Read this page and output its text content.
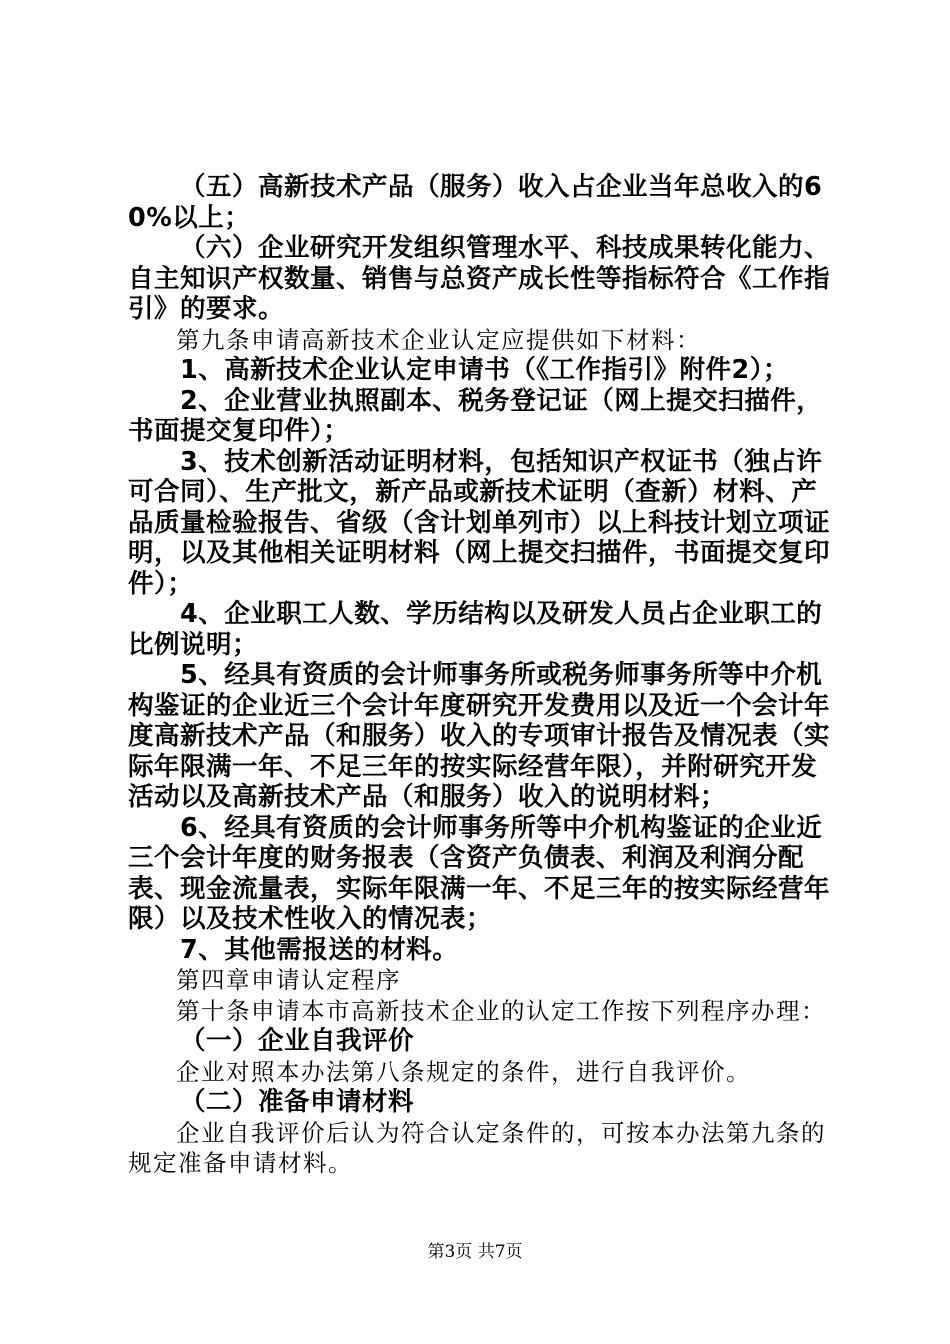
（五）高新技术产品（服务）收入占企业当年总收入的60%以上；

（六）企业研究开发组织管理水平、科技成果转化能力、自主知识产权数量、销售与总资产成长性等指标符合《工作指引》的要求。

第九条申请高新技术企业认定应提供如下材料：

1、高新技术企业认定申请书（《工作指引》附件2）；

2、企业营业执照副本、税务登记证（网上提交扫描件，书面提交复印件）；

3、技术创新活动证明材料，包括知识产权证书（独占许可合同）、生产批文，新产品或新技术证明（查新）材料、产品质量检验报告、省级（含计划单列市）以上科技计划立项证明，以及其他相关证明材料（网上提交扫描件，书面提交复印件）；

4、企业职工人数、学历结构以及研发人员占企业职工的比例说明；

5、经具有资质的会计师事务所或税务师事务所等中介机构鉴证的企业近三个会计年度研究开发费用以及近一个会计年度高新技术产品（和服务）收入的专项审计报告及情况表（实际年限满一年、不足三年的按实际经营年限），并附研究开发活动以及高新技术产品（和服务）收入的说明材料；

6、经具有资质的会计师事务所等中介机构鉴证的企业近三个会计年度的财务报表（含资产负债表、利润及利润分配表、现金流量表，实际年限满一年、不足三年的按实际经营年限）以及技术性收入的情况表；

7、其他需报送的材料。

第四章申请认定程序

第十条申请本市高新技术企业的认定工作按下列程序办理：

（一）企业自我评价

企业对照本办法第八条规定的条件，进行自我评价。

（二）准备申请材料

企业自我评价后认为符合认定条件的，可按本办法第九条的规定准备申请材料。

第3页 共7页
